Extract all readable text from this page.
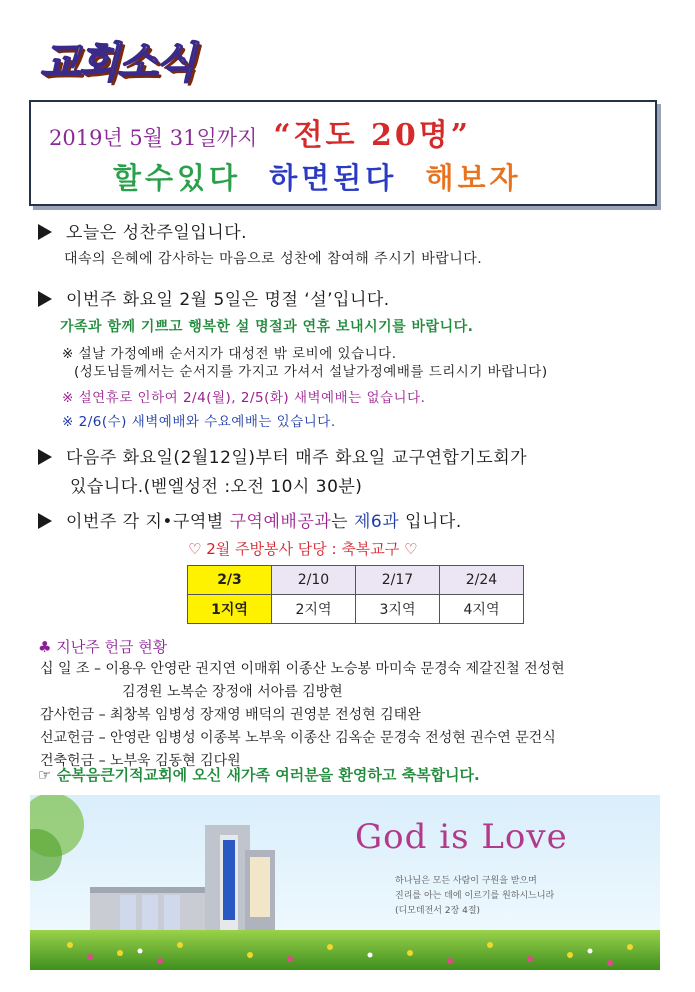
교회소식
2019년 5월 31일까지 “전도 20명”
할수있다 하면된다 해보자
오늘은 성찬주일입니다.
대속의 은혜에 감사하는 마음으로 성찬에 참여해 주시기 바랍니다.
이번주 화요일 2월 5일은 명절 ‘설’입니다.
가족과 함께 기쁘고 행복한 설 명절과 연휴 보내시기를 바랍니다.
※ 설날 가정예배 순서지가 대성전 밖 로비에 있습니다.
(성도님들께서는 순서지를 가지고 가셔서 설날가정예배를 드리시기 바랍니다)
※ 설연휴로 인하여 2/4(월), 2/5(화) 새벽예배는 없습니다.
※ 2/6(수) 새벽예배와 수요예배는 있습니다.
다음주 화요일(2월12일)부터 매주 화요일 교구연합기도회가
있습니다.(벧엘성전 :오전 10시 30분)
이번주 각 지•구역별 구역예배공과는 제6과 입니다.
♡ 2월 주방봉사 담당 : 축복교구 ♡
2/3	2/10	2/17	2/24
1지역	2지역	3지역	4지역
♣ 지난주 헌금 현황
십 일 조 – 이용우 안영란 권지연 이매휘 이종산 노승봉 마미숙 문경숙 제갈진철 전성현
김경원 노복순 장정애 서아름 김방현
감사헌금 – 최창복 임병성 장재영 배덕의 권영분 전성현 김태완
선교헌금 – 안영란 임병성 이종복 노부욱 이종산 김옥순 문경숙 전성현 권수연 문건식
건축헌금 – 노부욱 김동현 김다원
☞ 순복음큰기적교회에 오신 새가족 여러분을 환영하고 축복합니다.
God is Love
하나님은 모든 사람이 구원을 받으며
진리를 아는 데에 이르기를 원하시느니라
(디모데전서 2장 4절)
